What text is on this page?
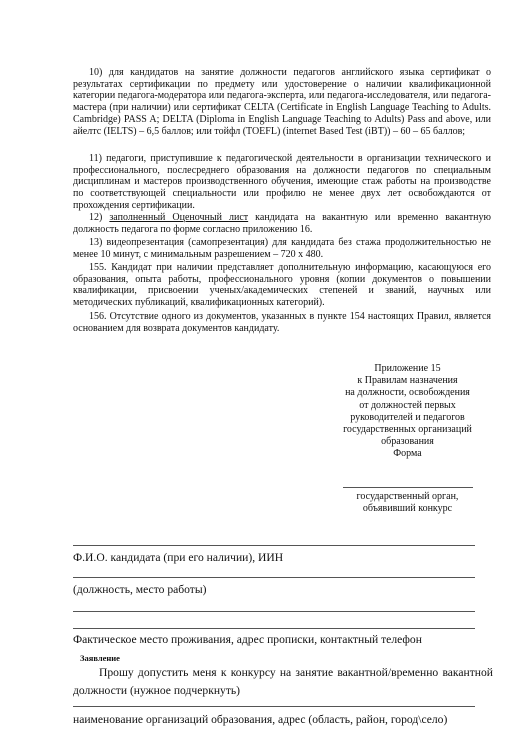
10) для кандидатов на занятие должности педагогов английского языка сертификат о результатах сертификации по предмету или удостоверение о наличии квалификационной категории педагога-модератора или педагога-эксперта, или педагога-исследователя, или педагога-мастера (при наличии) или сертификат CELTA (Certificate in English Language Teaching to Adults. Cambridge) PASS A; DELTA (Diploma in English Language Teaching to Adults) Pass and above, или айелтс (IELTS) – 6,5 баллов; или тойфл (TOEFL) (internet Based Test (iBT)) – 60 – 65 баллов;
11) педагоги, приступившие к педагогической деятельности в организации технического и профессионального, послесреднего образования на должности педагогов по специальным дисциплинам и мастеров производственного обучения, имеющие стаж работы на производстве по соответствующей специальности или профилю не менее двух лет освобождаются от прохождения сертификации.
12) заполненный Оценочный лист кандидата на вакантную или временно вакантную должность педагога по форме согласно приложению 16.
13) видеопрезентация (самопрезентация) для кандидата без стажа продолжительностью не менее 10 минут, с минимальным разрешением – 720 х 480.
155. Кандидат при наличии представляет дополнительную информацию, касающуюся его образования, опыта работы, профессионального уровня (копии документов о повышении квалификации, присвоении ученых/академических степеней и званий, научных или методических публикаций, квалификационных категорий).
156. Отсутствие одного из документов, указанных в пункте 154 настоящих Правил, является основанием для возврата документов кандидату.
Приложение 15
к Правилам назначения
на должности, освобождения
от должностей первых
руководителей и педагогов
государственных организаций
образования
Форма
государственный орган,
объявивший конкурс
Ф.И.О. кандидата (при его наличии), ИИН
(должность, место работы)
Фактическое место проживания, адрес прописки, контактный телефон
Заявление
Прошу допустить меня к конкурсу на занятие вакантной/временно вакантной должности (нужное подчеркнуть)
наименование организаций образования, адрес (область, район, город\село)
